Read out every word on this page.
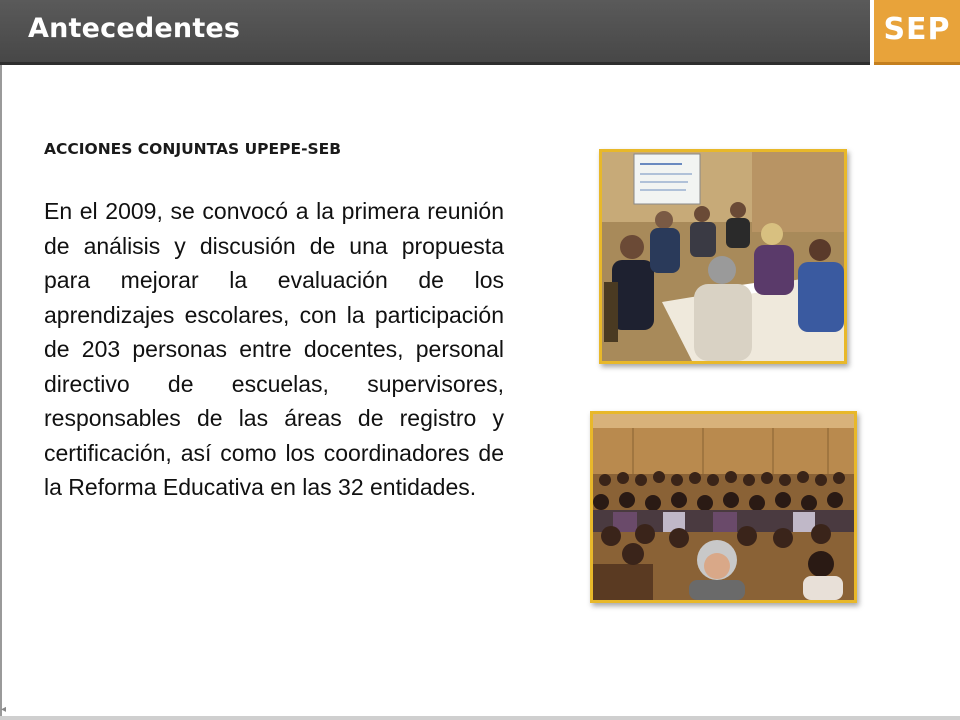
Antecedentes	SEP
◂
ACCIONES CONJUNTAS UPEPE-SEB

En el 2009, se convocó a la primera reunión de análisis y discusión de una propuesta para mejorar la evaluación de los aprendizajes escolares, con la participación de 203 personas entre docentes, personal directivo de escuelas, supervisores, responsables de las áreas de registro y certificación, así como los coordinadores de la Reforma Educativa en las 32 entidades.
